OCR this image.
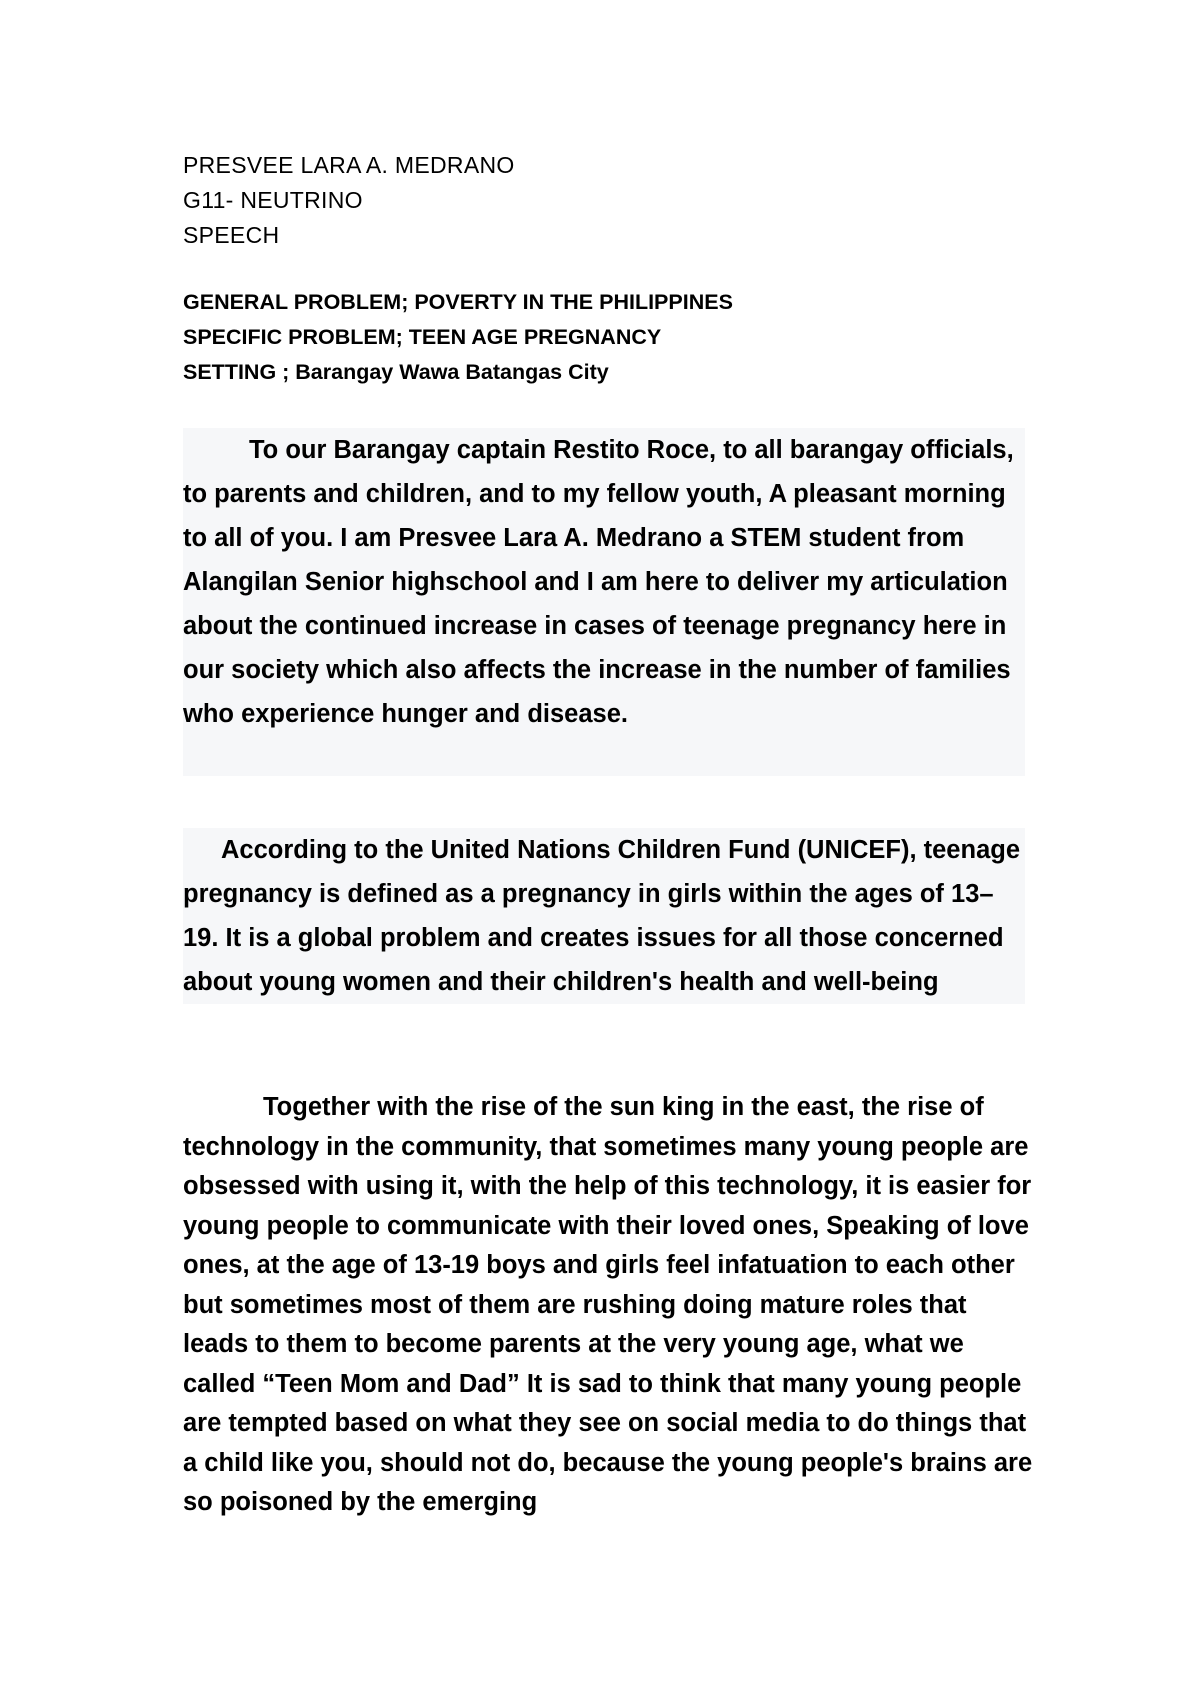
PRESVEE LARA A. MEDRANO
G11- NEUTRINO
SPEECH
GENERAL PROBLEM; POVERTY IN THE PHILIPPINES
SPECIFIC PROBLEM; TEEN AGE PREGNANCY
SETTING ; Barangay Wawa Batangas City

To our Barangay captain Restito Roce, to all barangay officials, to parents and children, and to my fellow youth, A pleasant morning to all of you. I am Presvee Lara A. Medrano a STEM student from Alangilan Senior highschool and I am here to deliver my articulation about the continued increase in cases of teenage pregnancy here in our society which also affects the increase in the number of families who experience hunger and disease.

According to the United Nations Children Fund (UNICEF), teenage pregnancy is defined as a pregnancy in girls within the ages of 13–19. It is a global problem and creates issues for all those concerned about young women and their children's health and well-being

Together with the rise of the sun king in the east, the rise of technology in the community, that sometimes many young people are obsessed with using it, with the help of this technology, it is easier for young people to communicate with their loved ones, Speaking of love ones, at the age of 13-19 boys and girls feel infatuation to each other but sometimes most of them are rushing doing mature roles that leads to them to become parents at the very young age, what we called “Teen Mom and Dad” It is sad to think that many young people are tempted based on what they see on social media to do things that a child like you, should not do, because the young people's brains are so poisoned by the emerging
